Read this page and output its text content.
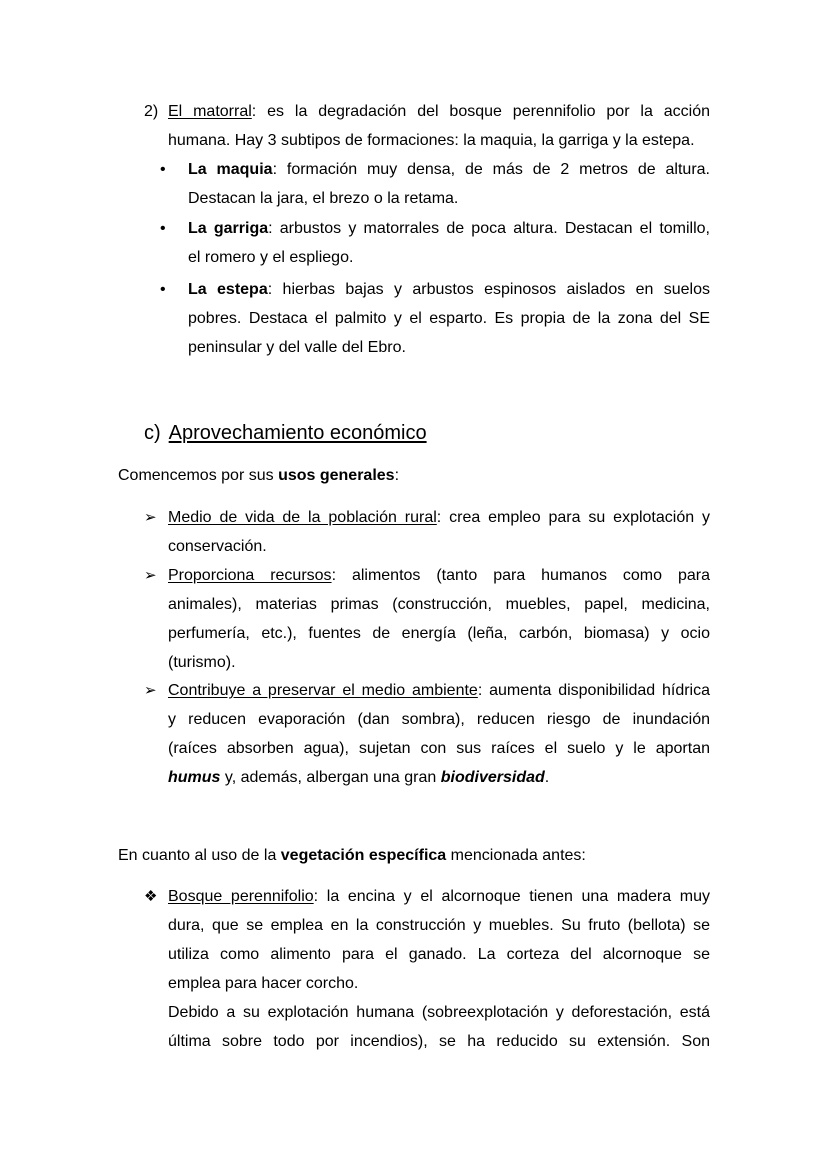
2) El matorral: es la degradación del bosque perennifolio por la acción
humana. Hay 3 subtipos de formaciones: la maquia, la garriga y la estepa.
• La maquia: formación muy densa, de más de 2 metros de altura.
Destacan la jara, el brezo o la retama.
• La garriga: arbustos y matorrales de poca altura. Destacan el tomillo,
el romero y el espliego.
• La estepa: hierbas bajas y arbustos espinosos aislados en suelos
pobres. Destaca el palmito y el esparto. Es propia de la zona del SE
peninsular y del valle del Ebro.
c) Aprovechamiento económico
Comencemos por sus usos generales:
➢ Medio de vida de la población rural: crea empleo para su explotación y
conservación.
➢ Proporciona recursos: alimentos (tanto para humanos como para
animales), materias primas (construcción, muebles, papel, medicina,
perfumería, etc.), fuentes de energía (leña, carbón, biomasa) y ocio
(turismo).
➢ Contribuye a preservar el medio ambiente: aumenta disponibilidad hídrica
y reducen evaporación (dan sombra), reducen riesgo de inundación
(raíces absorben agua), sujetan con sus raíces el suelo y le aportan
humus y, además, albergan una gran biodiversidad.
En cuanto al uso de la vegetación específica mencionada antes:
❖ Bosque perennifolio: la encina y el alcornoque tienen una madera muy
dura, que se emplea en la construcción y muebles. Su fruto (bellota) se
utiliza como alimento para el ganado. La corteza del alcornoque se
emplea para hacer corcho.
Debido a su explotación humana (sobreexplotación y deforestación, está
última sobre todo por incendios), se ha reducido su extensión. Son
